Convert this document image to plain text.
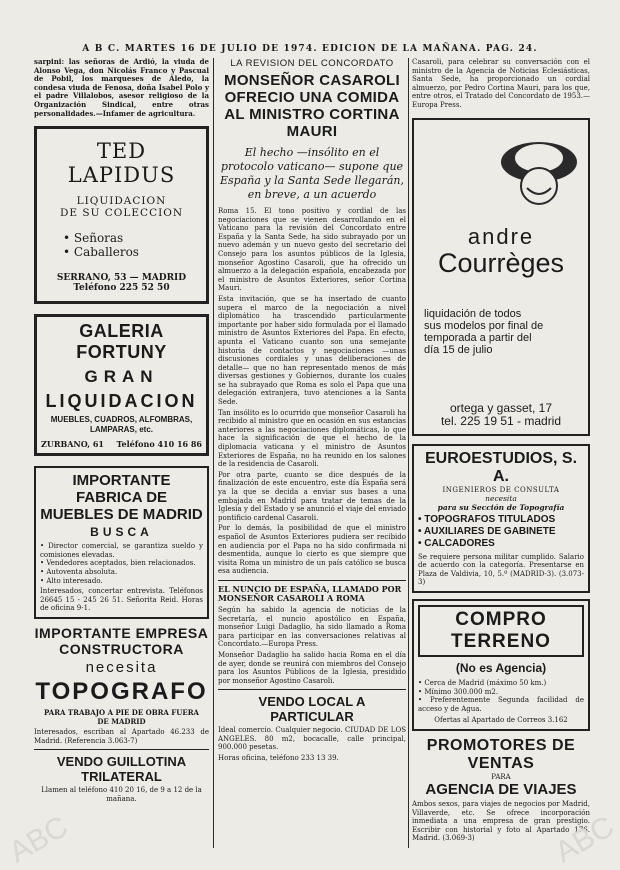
A B C. MARTES 16 DE JULIO DE 1974. EDICION DE LA MAÑANA. PAG. 24.
sarpini: las señoras de Ardió, la viuda de Alonso Vega, don Nicolás Franco y Pascual de Pobil, los marqueses de Aledo, la condesa viuda de Fenosa, doña Isabel Polo y el padre Villalobos, asesor religioso de la Organización Sindical, entre otras personalidades.—Infamer de agricultura.
TED LAPIDUS
LIQUIDACION
DE SU COLECCION
• Señoras
• Caballeros
SERRANO, 53 — MADRID
Teléfono 225 52 50
GALERIA FORTUNY
GRAN
LIQUIDACION
MUEBLES, CUADROS, ALFOMBRAS, LAMPARAS, etc.
ZURBANO, 61 Teléfono 410 16 86
IMPORTANTE FABRICA DE MUEBLES DE MADRID
BUSCA
• Director comercial, se garantiza sueldo y comisiones elevadas.
• Vendedores aceptados, bien relacionados.
• Autoventa absoluta.
• Alto interesado.
Interesados, concertar entrevista. Teléfonos 26645 15 - 245 26 51. Señorita Reid. Horas de oficina 9-1.
IMPORTANTE EMPRESA CONSTRUCTORA
necesita
TOPOGRAFO
PARA TRABAJO A PIE DE OBRA FUERA DE MADRID
Interesados, escriban al Apartado 46.233 de Madrid. (Referencia 3.063-7)
VENDO GUILLOTINA TRILATERAL
Llamen al teléfono 410 20 16, de 9 a 12 de la mañana.
LA REVISION DEL CONCORDATO
MONSEÑOR CASAROLI OFRECIO UNA COMIDA AL MINISTRO CORTINA MAURI
El hecho —insólito en el protocolo vaticano— supone que España y la Santa Sede llegarán, en breve, a un acuerdo
Roma 15. El tono positivo y cordial de las negociaciones que se vienen desarrollando en el Vaticano para la revisión del Concordato entre España y la Santa Sede, ha sido subrayado por un nuevo ademán y un nuevo gesto del secretario del Consejo para los asuntos públicos de la Iglesia, monseñor Agostino Casaroli, que ha ofrecido un almuerzo a la delegación española, encabezada por el ministro de Asuntos Exteriores, señor Cortina Mauri.
Esta invitación, que se ha insertado de cuanto supera el marco de la negociación a nivel diplomático ha trascendido particularmente importante por haber sido formulada por el llamado ministro de Asuntos Exteriores del Papa. En efecto, apunta el Vaticano cuanto son una semejante historia de contactos y negociaciones —unas discusiones cordiales y unas deliberaciones de detalle— que no han representado menos de más diversas gestiones y Gobiernos, durante los cuales se ha subrayado que Roma es solo el Papa que una delegación extranjera, tuvo atenciones a la Santa Sede.
Tan insólito es lo ocurrido que monseñor Casaroli ha recibido al ministro que en ocasión en sus estancias anteriores a las negociaciones diplomáticas, lo que hace la significación de que el hecho de la diplomacia vaticana y el ministro de Asuntos Exteriores de España, no ha reunido en los salones de la residencia de Casaroli.
Por otra parte, cuanto se dice después de la finalización de este encuentro, este día España será ya la que se decida a enviar sus bases a una embajada en Madrid para tratar de temas de la Iglesia y del Estado y se anunció el viaje del enviado pontificio cardenal Casaroli.
Por lo demás, la posibilidad de que el ministro español de Asuntos Exteriores pudiera ser recibido en audiencia por el Papa no ha sido confirmada ni desmentida, aunque lo cierto es que siempre que visita Roma un ministro de un país católico se busca esa audiencia.
EL NUNCIO DE ESPAÑA, LLAMADO POR MONSEÑOR CASAROLI A ROMA
Según ha sabido la agencia de noticias de la Secretaría, el nuncio apostólico en España, monseñor Luigi Dadaglio, ha sido llamado a Roma para participar en las conversaciones relativas al Concordato.—Europa Press.
Monseñor Dadaglio ha salido hacia Roma en el día de ayer, donde se reunirá con miembros del Consejo para los Asuntos Públicos de la Iglesia, presidido por monseñor Agostino Casaroli.
VENDO LOCAL A PARTICULAR
Ideal comercio. Cualquier negocio. CIUDAD DE LOS ANGELES. 80 m2, bocacalle, calle principal, 900.000 pesetas.
Horas oficina, teléfono 233 13 39.
Casaroli, para celebrar su conversación con el ministro de la Agencia de Noticias Eclesiásticas, Santa Sede, ha proporcionado un cordial almuerzo, por Pedro Cortina Mauri, para los que, entre otros, el Tratado del Concordato de 1953.—Europa Press.
andre
Courrèges
liquidación de todos
sus modelos por final de
temporada a partir del
día 15 de julio
ortega y gasset, 17
tel. 225 19 51 - madrid
EUROESTUDIOS, S. A.
INGENIEROS DE CONSULTA
necesita
para su Sección de Topografía
• TOPOGRAFOS TITULADOS
• AUXILIARES DE GABINETE
• CALCADORES
Se requiere persona militar cumplido. Salario de acuerdo con la categoría. Presentarse en Plaza de Valdivia, 10, 5.º (MADRID-3). (3.073-3)
COMPRO TERRENO
(No es Agencia)
• Cerca de Madrid (máximo 50 km.)
• Mínimo 300.000 m2.
• Preferentemente Segunda facilidad de acceso y de Agua.
Ofertas al Apartado de Correos 3.162
PROMOTORES DE VENTAS
PARA
AGENCIA DE VIAJES
Ambos sexos, para viajes de negocios por Madrid, Villaverde, etc. Se ofrece incorporación inmediata a una empresa de gran prestigio. Escribir con historial y foto al Apartado 176. Madrid. (3.069-3)
ABC	ABC
